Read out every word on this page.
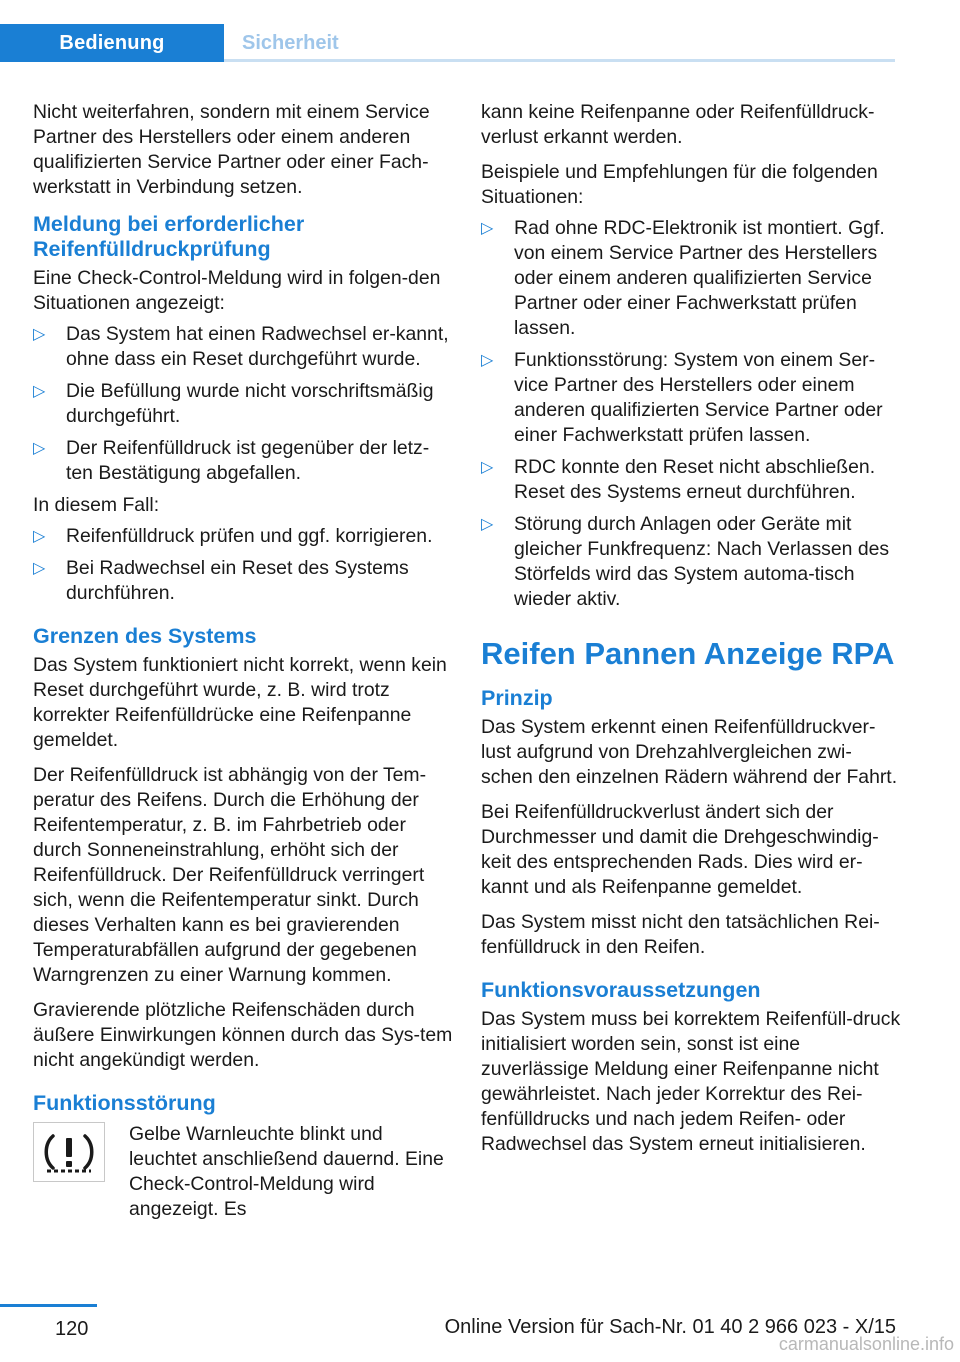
Bedienung	Sicherheit

Nicht weiterfahren, sondern mit einem Service Partner des Herstellers oder einem anderen qualifizierten Service Partner oder einer Fach‐werkstatt in Verbindung setzen.

Meldung bei erforderlicher Reifenfülldruckprüfung

Eine Check-Control-Meldung wird in folgen‐den Situationen angezeigt:

▷ Das System hat einen Radwechsel er‐kannt, ohne dass ein Reset durchgeführt wurde.
▷ Die Befüllung wurde nicht vorschriftsmäßig durchgeführt.
▷ Der Reifenfülldruck ist gegenüber der letz‐ten Bestätigung abgefallen.

In diesem Fall:

▷ Reifenfülldruck prüfen und ggf. korrigieren.
▷ Bei Radwechsel ein Reset des Systems durchführen.
Grenzen des Systems

Das System funktioniert nicht korrekt, wenn kein Reset durchgeführt wurde, z. B. wird trotz korrekter Reifenfülldrücke eine Reifenpanne gemeldet.

Der Reifenfülldruck ist abhängig von der Tem‐peratur des Reifens. Durch die Erhöhung der Reifentemperatur, z. B. im Fahrbetrieb oder durch Sonneneinstrahlung, erhöht sich der Reifenfülldruck. Der Reifenfülldruck verringert sich, wenn die Reifentemperatur sinkt. Durch dieses Verhalten kann es bei gravierenden Temperaturabfällen aufgrund der gegebenen Warngrenzen zu einer Warnung kommen.

Gravierende plötzliche Reifenschäden durch äußere Einwirkungen können durch das Sys‐tem nicht angekündigt werden.

Funktionsstörung
Gelbe Warnleuchte blinkt und leuchtet anschließend dauernd. Eine Check-Control-Meldung wird angezeigt. Es

kann keine Reifenpanne oder Reifenfülldruck‐verlust erkannt werden.

Beispiele und Empfehlungen für die folgenden Situationen:

▷ Rad ohne RDC-Elektronik ist montiert. Ggf. von einem Service Partner des Herstellers oder einem anderen qualifizierten Service Partner oder einer Fachwerkstatt prüfen lassen.
▷ Funktionsstörung: System von einem Ser‐vice Partner des Herstellers oder einem anderen qualifizierten Service Partner oder einer Fachwerkstatt prüfen lassen.
▷ RDC konnte den Reset nicht abschließen. Reset des Systems erneut durchführen.
▷ Störung durch Anlagen oder Geräte mit gleicher Funkfrequenz: Nach Verlassen des Störfelds wird das System automa‐tisch wieder aktiv.
Reifen Pannen Anzeige RPA
Prinzip

Das System erkennt einen Reifenfülldruckver‐lust aufgrund von Drehzahlvergleichen zwi‐schen den einzelnen Rädern während der Fahrt.

Bei Reifenfülldruckverlust ändert sich der Durchmesser und damit die Drehgeschwindig‐keit des entsprechenden Rads. Dies wird er‐kannt und als Reifenpanne gemeldet.

Das System misst nicht den tatsächlichen Rei‐fenfülldruck in den Reifen.

Funktionsvoraussetzungen

Das System muss bei korrektem Reifenfüll‐druck initialisiert worden sein, sonst ist eine zuverlässige Meldung einer Reifenpanne nicht gewährleistet. Nach jeder Korrektur des Rei‐fenfülldrucks und nach jedem Reifen- oder Radwechsel das System erneut initialisieren.

120	Online Version für Sach-Nr. 01 40 2 966 023 - X/15
carmanualsonline.info
